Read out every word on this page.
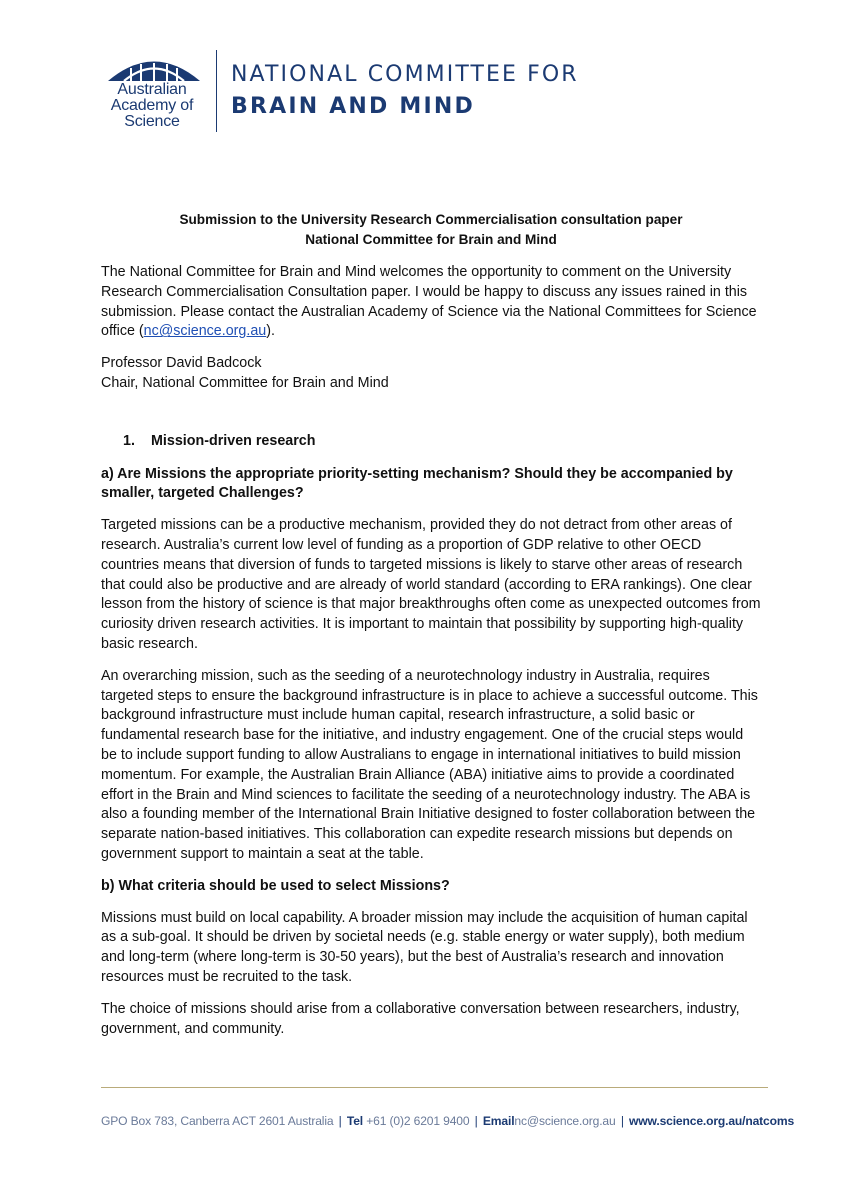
Australian
Academy of
Science
NATIONAL COMMITTEE FOR
BRAIN AND MIND
Submission to the University Research Commercialisation consultation paper
National Committee for Brain and Mind

The National Committee for Brain and Mind welcomes the opportunity to comment on the University Research Commercialisation Consultation paper. I would be happy to discuss any issues rained in this submission. Please contact the Australian Academy of Science via the National Committees for Science office (nc@science.org.au).

Professor David Badcock
Chair, National Committee for Brain and Mind
1. Mission-driven research
a) Are Missions the appropriate priority-setting mechanism? Should they be accompanied by smaller, targeted Challenges?

Targeted missions can be a productive mechanism, provided they do not detract from other areas of research. Australia’s current low level of funding as a proportion of GDP relative to other OECD countries means that diversion of funds to targeted missions is likely to starve other areas of research that could also be productive and are already of world standard (according to ERA rankings). One clear lesson from the history of science is that major breakthroughs often come as unexpected outcomes from curiosity driven research activities. It is important to maintain that possibility by supporting high-quality basic research.

An overarching mission, such as the seeding of a neurotechnology industry in Australia, requires targeted steps to ensure the background infrastructure is in place to achieve a successful outcome. This background infrastructure must include human capital, research infrastructure, a solid basic or fundamental research base for the initiative, and industry engagement. One of the crucial steps would be to include support funding to allow Australians to engage in international initiatives to build mission momentum. For example, the Australian Brain Alliance (ABA) initiative aims to provide a coordinated effort in the Brain and Mind sciences to facilitate the seeding of a neurotechnology industry. The ABA is also a founding member of the International Brain Initiative designed to foster collaboration between the separate nation-based initiatives. This collaboration can expedite research missions but depends on government support to maintain a seat at the table.

b) What criteria should be used to select Missions?

Missions must build on local capability. A broader mission may include the acquisition of human capital as a sub-goal. It should be driven by societal needs (e.g. stable energy or water supply), both medium and long-term (where long-term is 30-50 years), but the best of Australia’s research and innovation resources must be recruited to the task.

The choice of missions should arise from a collaborative conversation between researchers, industry, government, and community.

GPO Box 783, Canberra ACT 2601 Australia | Tel +61 (0)2 6201 9400 | Emailnc@science.org.au | www.science.org.au/natcoms
